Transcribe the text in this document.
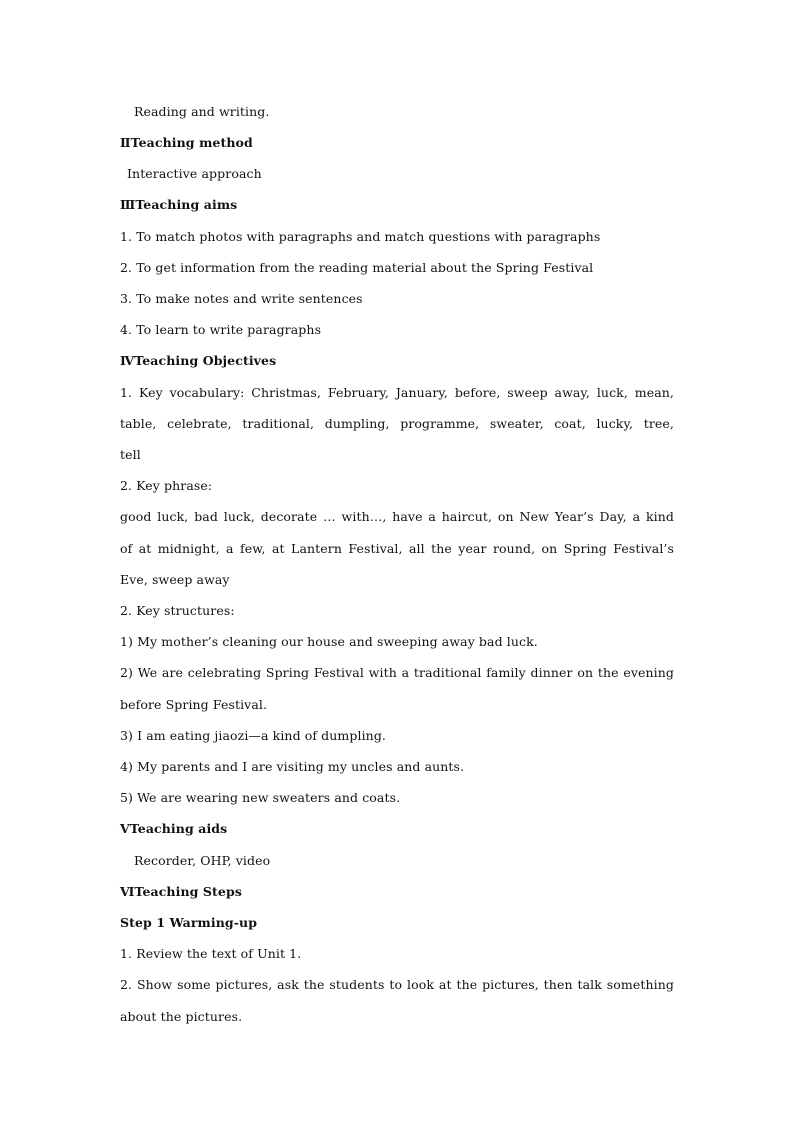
Reading and writing.
ⅡTeaching method
Interactive approach
ⅢTeaching aims
1. To match photos with paragraphs and match questions with paragraphs
2. To get information from the reading material about the Spring Festival
3. To make notes and write sentences
4. To learn to write paragraphs
ⅣTeaching Objectives
1. Key vocabulary: Christmas, February, January, before, sweep away, luck, mean,
table, celebrate, traditional, dumpling, programme, sweater, coat, lucky, tree,
tell
2. Key phrase:
good luck, bad luck, decorate … with…, have a haircut, on New Year’s Day, a kind
of at midnight, a few, at Lantern Festival, all the year round, on Spring Festival’s
Eve, sweep away
2. Key structures:
1) My mother’s cleaning our house and sweeping away bad luck.
2) We are celebrating Spring Festival with a traditional family dinner on the evening
before Spring Festival.
3) I am eating jiaozi—a kind of dumpling.
4) My parents and I are visiting my uncles and aunts.
5) We are wearing new sweaters and coats.
ⅤTeaching aids
Recorder, OHP, video
ⅥTeaching Steps
Step 1 Warming-up
1. Review the text of Unit 1.
2. Show some pictures, ask the students to look at the pictures, then talk something
about the pictures.
